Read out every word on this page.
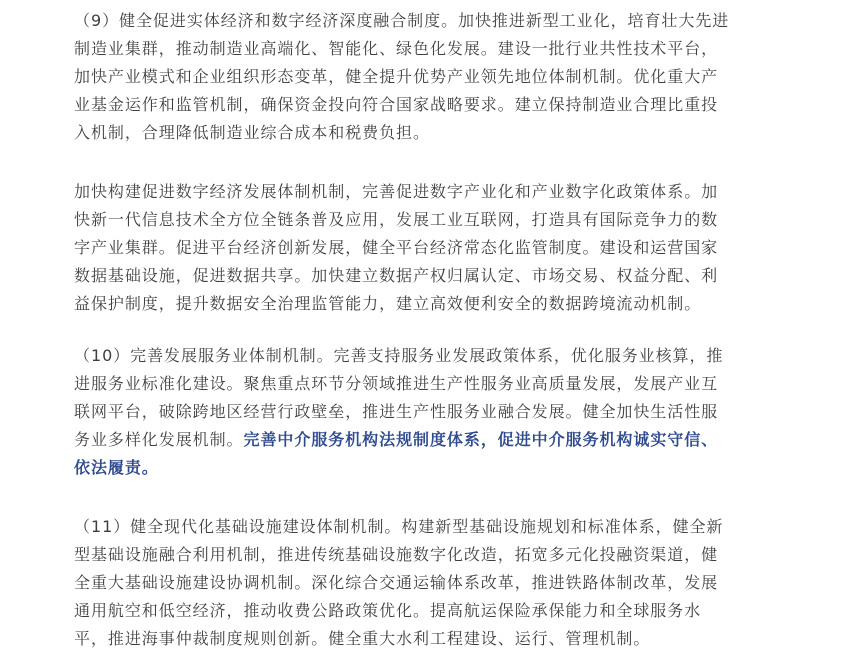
（9）健全促进实体经济和数字经济深度融合制度。加快推进新型工业化，培育壮大先进
制造业集群，推动制造业高端化、智能化、绿色化发展。建设一批行业共性技术平台，
加快产业模式和企业组织形态变革，健全提升优势产业领先地位体制机制。优化重大产
业基金运作和监管机制，确保资金投向符合国家战略要求。建立保持制造业合理比重投
入机制，合理降低制造业综合成本和税费负担。

加快构建促进数字经济发展体制机制，完善促进数字产业化和产业数字化政策体系。加
快新一代信息技术全方位全链条普及应用，发展工业互联网，打造具有国际竞争力的数
字产业集群。促进平台经济创新发展，健全平台经济常态化监管制度。建设和运营国家
数据基础设施，促进数据共享。加快建立数据产权归属认定、市场交易、权益分配、利
益保护制度，提升数据安全治理监管能力，建立高效便利安全的数据跨境流动机制。

（10）完善发展服务业体制机制。完善支持服务业发展政策体系，优化服务业核算，推
进服务业标准化建设。聚焦重点环节分领域推进生产性服务业高质量发展，发展产业互
联网平台，破除跨地区经营行政壁垒，推进生产性服务业融合发展。健全加快生活性服
务业多样化发展机制。完善中介服务机构法规制度体系，促进中介服务机构诚实守信、
依法履责。

（11）健全现代化基础设施建设体制机制。构建新型基础设施规划和标准体系，健全新
型基础设施融合利用机制，推进传统基础设施数字化改造，拓宽多元化投融资渠道，健
全重大基础设施建设协调机制。深化综合交通运输体系改革，推进铁路体制改革，发展
通用航空和低空经济，推动收费公路政策优化。提高航运保险承保能力和全球服务水
平，推进海事仲裁制度规则创新。健全重大水利工程建设、运行、管理机制。
